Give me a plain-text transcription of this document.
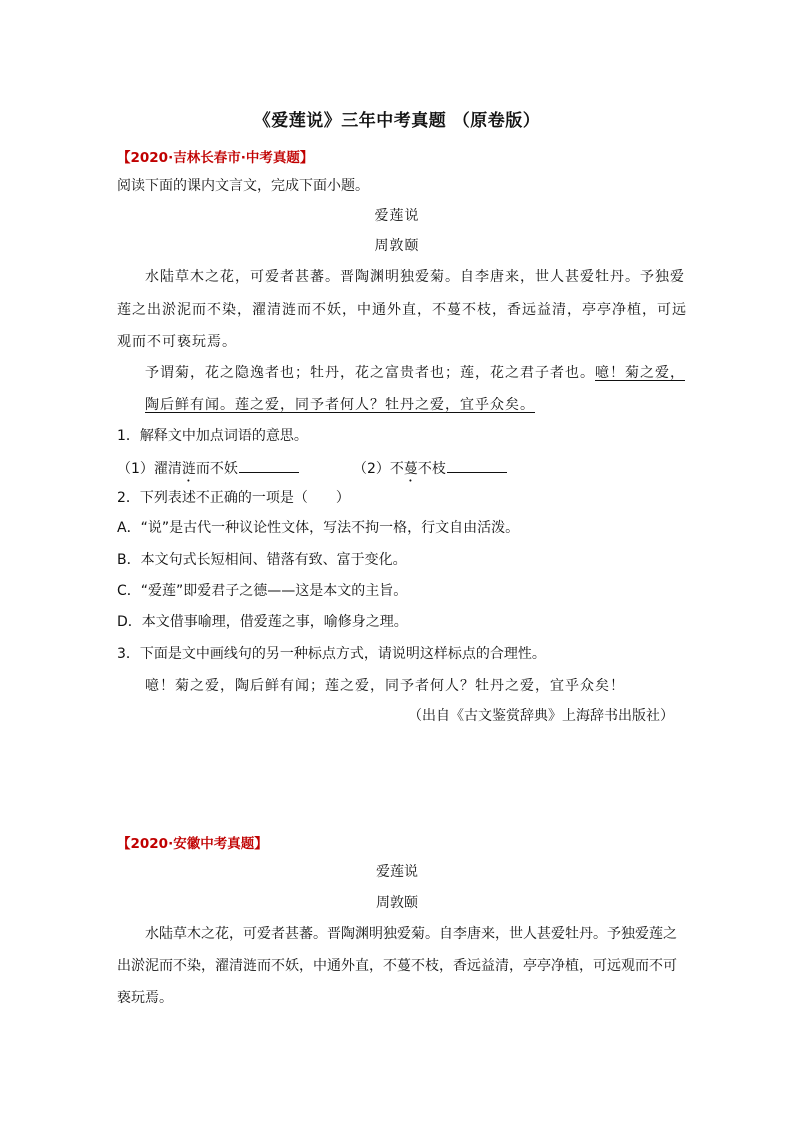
《爱莲说》三年中考真题 （原卷版）
【2020·吉林长春市·中考真题】
阅读下面的课内文言文，完成下面小题。
爱莲说
周敦颐
水陆草木之花，可爱者甚蕃。晋陶渊明独爱菊。自李唐来，世人甚爱牡丹。予独爱
莲之出淤泥而不染，濯清涟而不妖，中通外直，不蔓不枝，香远益清，亭亭净植，可远
观而不可亵玩焉。
予谓菊，花之隐逸者也；牡丹，花之富贵者也；莲，花之君子者也。噫！菊之爱，
陶后鲜有闻。莲之爱，同予者何人？牡丹之爱，宜乎众矣。
1．解释文中加点词语的意思。
（1）濯清涟而不妖	（2）不蔓不枝
2．下列表述不正确的一项是（　　）
A．“说”是古代一种议论性文体，写法不拘一格，行文自由活泼。
B．本文句式长短相间、错落有致、富于变化。
C．“爱莲”即爱君子之德——这是本文的主旨。
D．本文借事喻理，借爱莲之事，喻修身之理。
3．下面是文中画线句的另一种标点方式，请说明这样标点的合理性。
噫！菊之爱，陶后鲜有闻；莲之爱，同予者何人？牡丹之爱，宜乎众矣！
（出自《古文鉴赏辞典》上海辞书出版社）
【2020·安徽中考真题】
爱莲说
周敦颐
水陆草木之花，可爱者甚蕃。晋陶渊明独爱菊。自李唐来，世人甚爱牡丹。予独爱莲之
出淤泥而不染，濯清涟而不妖，中通外直，不蔓不枝，香远益清，亭亭净植，可远观而不可
亵玩焉。
